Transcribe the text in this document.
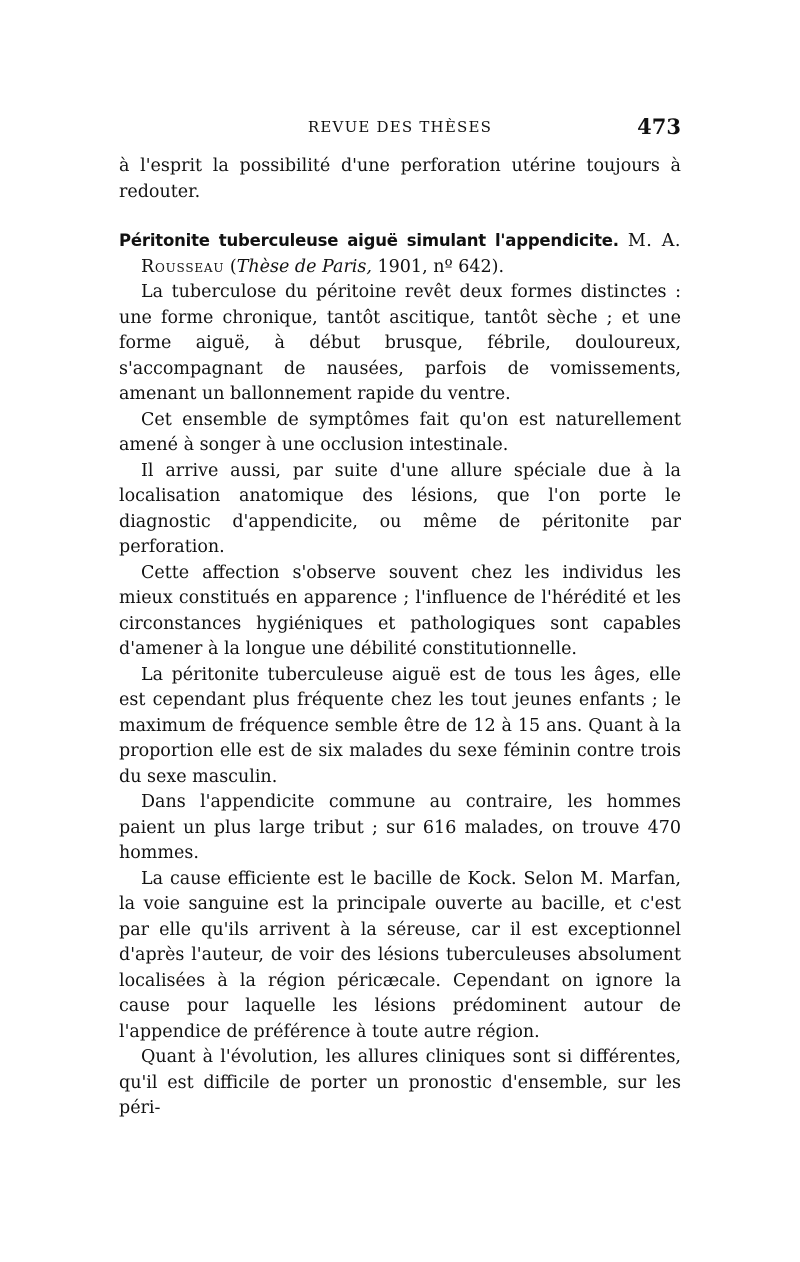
REVUE DES THÈSES	473

à l'esprit la possibilité d'une perforation utérine toujours à redouter.

Péritonite tuberculeuse aiguë simulant l'appendicite. M. A. Rousseau (Thèse de Paris, 1901, nº 642).

La tuberculose du péritoine revêt deux formes distinctes : une forme chronique, tantôt ascitique, tantôt sèche ; et une forme aiguë, à début brusque, fébrile, douloureux, s'accompagnant de nausées, parfois de vomissements, amenant un ballonnement rapide du ventre.

Cet ensemble de symptômes fait qu'on est naturellement amené à songer à une occlusion intestinale.

Il arrive aussi, par suite d'une allure spéciale due à la localisation anatomique des lésions, que l'on porte le diagnostic d'appendicite, ou même de péritonite par perforation.

Cette affection s'observe souvent chez les individus les mieux constitués en apparence ; l'influence de l'hérédité et les circonstances hygiéniques et pathologiques sont capables d'amener à la longue une débilité constitutionnelle.

La péritonite tuberculeuse aiguë est de tous les âges, elle est cependant plus fréquente chez les tout jeunes enfants ; le maximum de fréquence semble être de 12 à 15 ans. Quant à la proportion elle est de six malades du sexe féminin contre trois du sexe masculin.

Dans l'appendicite commune au contraire, les hommes paient un plus large tribut ; sur 616 malades, on trouve 470 hommes.

La cause efficiente est le bacille de Kock. Selon M. Marfan, la voie sanguine est la principale ouverte au bacille, et c'est par elle qu'ils arrivent à la séreuse, car il est exceptionnel d'après l'auteur, de voir des lésions tuberculeuses absolument localisées à la région péricæcale. Cependant on ignore la cause pour laquelle les lésions prédominent autour de l'appendice de préférence à toute autre région.

Quant à l'évolution, les allures cliniques sont si différentes, qu'il est difficile de porter un pronostic d'ensemble, sur les péri-
